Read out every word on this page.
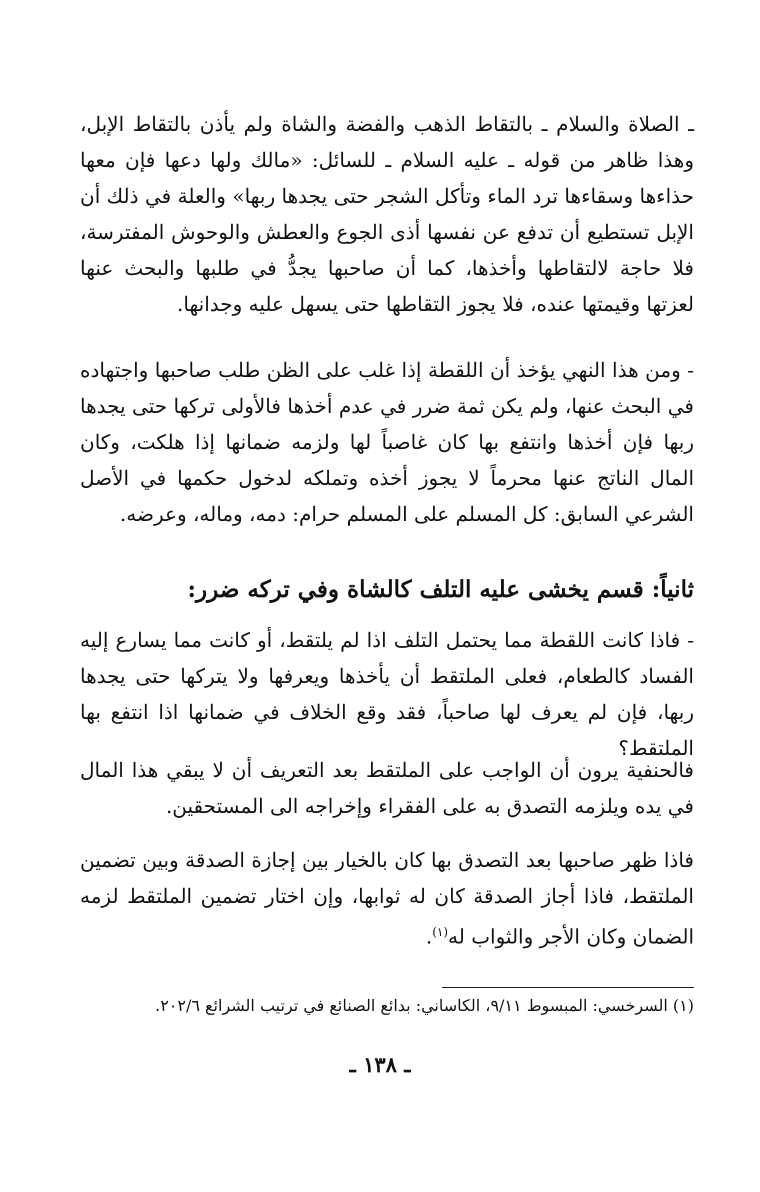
ـ الصلاة والسلام ـ بالتقاط الذهب والفضة والشاة ولم يأذن بالتقاط الإبل، وهذا ظاهر من قوله ـ عليه السلام ـ للسائل: «مالك ولها دعها فإن معها حذاءها وسقاءها ترد الماء وتأكل الشجر حتى يجدها ربها» والعلة في ذلك أن الإبل تستطيع أن تدفع عن نفسها أذى الجوع والعطش والوحوش المفترسة، فلا حاجة لالتقاطها وأخذها، كما أن صاحبها يجدُّ في طلبها والبحث عنها لعزتها وقيمتها عنده، فلا يجوز التقاطها حتى يسهل عليه وجدانها.

- ومن هذا النهي يؤخذ أن اللقطة إذا غلب على الظن طلب صاحبها واجتهاده في البحث عنها، ولم يكن ثمة ضرر في عدم أخذها فالأولى تركها حتى يجدها ربها فإن أخذها وانتفع بها كان غاصباً لها ولزمه ضمانها إذا هلكت، وكان المال الناتج عنها محرماً لا يجوز أخذه وتملكه لدخول حكمها في الأصل الشرعي السابق: كل المسلم على المسلم حرام: دمه، وماله، وعرضه.

ثانياً: قسم يخشى عليه التلف كالشاة وفي تركه ضرر:

- فاذا كانت اللقطة مما يحتمل التلف اذا لم يلتقط، أو كانت مما يسارع إليه الفساد كالطعام، فعلى الملتقط أن يأخذها ويعرفها ولا يتركها حتى يجدها ربها، فإن لم يعرف لها صاحباً، فقد وقع الخلاف في ضمانها اذا انتفع بها الملتقط؟

فالحنفية يرون أن الواجب على الملتقط بعد التعريف أن لا يبقي هذا المال في يده ويلزمه التصدق به على الفقراء وإخراجه الى المستحقين.

فاذا ظهر صاحبها بعد التصدق بها كان بالخيار بين إجازة الصدقة وبين تضمين الملتقط، فاذا أجاز الصدقة كان له ثوابها، وإن اختار تضمين الملتقط لزمه الضمان وكان الأجر والثواب له$^{(١)}$.

(١) السرخسي: المبسوط ٩/١١، الكاساني: بدائع الصنائع في ترتيب الشرائع ٢٠٢/٦.
ـ ١٣٨ ـ
